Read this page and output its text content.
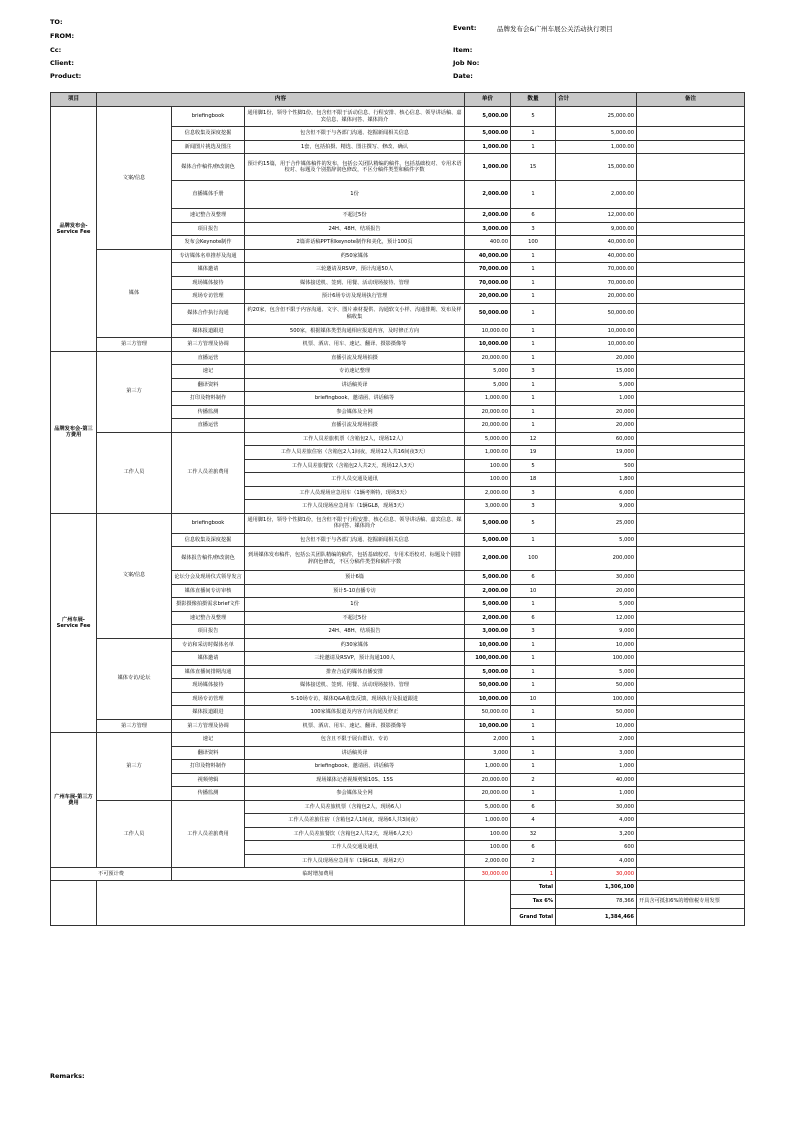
TO:
FROM:
Cc:
Client:
Product:
Event:	品牌发布会&广州车展公关活动执行项目
Item:
Job No:
Date:
项目	内容			单价	数量	合计	备注
品牌发布会-Service Fee	文案/信息	briefingbook	通用脚1份，领导个性脚1份，包含但不限于活动信息、行程安排、核心信息、领导讲话稿、嘉宾信息、媒体问答、媒体简介	5,000.00	5	25,000.00	
		信息收集及深度挖掘	包含但不限于与各部门沟通、挖掘新闻相关信息	5,000.00	1	5,000.00	
		新闻图片挑选及图注	1套，包括拍摄、精选、图注撰写、修改、确认	1,000.00	1	1,000.00	
		媒体合作稿件/修改润色	预计约15篇，用于合作媒体稿件的发布，包括公关团队精编的稿件，包括基础校对、专用术语校对、标题及个别措辞润色修改，不区分稿件类型和稿件字数	1,000.00	15	15,000.00	
		直播媒体手册	1份	2,000.00	1	2,000.00	
		速记整合及整理	不超过5份	2,000.00	6	12,000.00	
		项目报告	24H、48H、结项报告	3,000.00	3	9,000.00	
		发布会Keynote制作	2篇讲话稿PPT和keynote制作和美化，预计100页	400.00	100	40,000.00	
	媒体	专访媒体名单推荐及沟通	约50家媒体	40,000.00	1	40,000.00	
		媒体邀请	三轮邀请及RSVP，预计沟通50人	70,000.00	1	70,000.00	
		现场媒体接待	媒体接送机、签到、用餐、活动现场接待、管理	70,000.00	1	70,000.00	
		现场专访管理	预计6场专访及现场执行管理	20,000.00	1	20,000.00	
		媒体合作执行沟通	约20家，包含但不限于内容沟通、文字、图片素材提供、沟通软文小样、沟通排期、发布及样稿收集	50,000.00	1	50,000.00	
		媒体报道跟进	500家，根据媒体类型沟通相应报道内容，及时修正方向	10,000.00	1	10,000.00	
	第三方管理	第三方管理及协调	机票、酒店、用车、速记、翻译、摄影摄像等	10,000.00	1	10,000.00	
品牌发布会-第三方费用	第三方	直播运营	直播引流及现场拍摄	20,000.00	1	20,000	
		速记	专访速记整理	5,000	3	15,000	
		翻译资料	讲话稿英译	5,000	1	5,000	
		打印及物料制作	briefingbook、邀请函、讲话稿等	1,000.00	1	1,000	
		传播监测	参会媒体及全网	20,000.00	1	20,000	
		直播运营	直播引流及现场拍摄	20,000.00	1	20,000	
	工作人员	工作人员差旅费用	工作人员差旅机票（含箱包2人，现场12人）	5,000.00	12	60,000	
			工作人员差旅住宿（含箱包2人1间夜，现场12人共16间夜3天）	1,000.00	19	19,000	
			工作人员差旅餐饮（含箱包2人共2天，现场12人3天）	100.00	5	500	
			工作人员交通及通讯	100.00	18	1,800	
			工作人员现场应急用车（1辆考斯特，现场3天）	2,000.00	3	6,000	
			工作人员现场应急用车（1辆GL8，现场3天）	3,000.00	3	9,000	
广州车展-Service Fee	文案/信息	briefingbook	通用脚1份，领导个性脚1份，包含但不限于行程安排、核心信息、领导讲话稿、嘉宾信息、媒体问答、媒体简介	5,000.00	5	25,000	
		信息收集及深度挖掘	包含但不限于与各部门沟通、挖掘新闻相关信息	5,000.00	1	5,000	
		媒体报告稿件/修改润色	到场媒体发布稿件，包括公关团队精编的稿件，包括基础校对、专用术语校对、标题及个别措辞润色修改，不区分稿件类型和稿件字数	2,000.00	100	200,000	
		论坛分会及现场仪式领导发言	预计6篇	5,000.00	6	30,000	
		媒体直播间专访审核	预计5-10直播专访	2,000.00	10	20,000	
		摄影摄像拍摄需求brief文件	1份	5,000.00	1	5,000	
		速记整合及整理	不超过5份	2,000.00	6	12,000	
		项目报告	24H、48H、结项报告	3,000.00	3	9,000	
	媒体专访/论坛	专访和采访时媒体名单	约30家媒体	10,000.00	1	10,000	
		媒体邀请	三轮邀请及RSVP，预计沟通100人	100,000.00	1	100,000	
		媒体直播间排期沟通	排查合适的媒体直播安排	5,000.00	1	5,000	
		现场媒体接待	媒体接送机、签到、用餐、活动现场接待、管理	50,000.00	1	50,000	
		现场专访管理	5-10场专访，媒体Q&A收集反馈，现场执行及报道跟进	10,000.00	10	100,000	
		媒体报道跟进	100家媒体报道及内容方向沟通及修正	50,000.00	1	50,000	
	第三方管理	第三方管理及协调	机票、酒店、用车、速记、翻译、摄影摄像等	10,000.00	1	10,000	
广州车展-第三方费用	第三方	速记	包含且不限于展台群访、专访	2,000	1	2,000	
		翻译资料	讲话稿英译	3,000	1	3,000	
		打印及物料制作	briefingbook、邀请函、讲话稿等	1,000.00	1	1,000	
		视频剪辑	现场媒体记者视频剪辑10S、15S	20,000.00	2	40,000	
		传播监测	参会媒体及全网	20,000.00	1	1,000	
	工作人员	工作人员差旅费用	工作人员差旅机票（含箱包2人，现场6人）	5,000.00	6	30,000	
			工作人员差旅住宿（含箱包2人1间夜，现场6人共3间夜）	1,000.00	4	4,000	
			工作人员差旅餐饮（含箱包2人共2天，现场6人2天）	100.00	32	3,200	
			工作人员交通及通讯	100.00	6	600	
			工作人员现场应急用车（1辆GL8，现场2天）	2,000.00	2	4,000	
不可预计费		临时增加费用		30,000.00	1	30,000	
					Total	1,306,100	
					Tax 6%	78,366	开具含可抵扣6%的增值税专用发票
					Grand Total	1,384,466	
Remarks:
